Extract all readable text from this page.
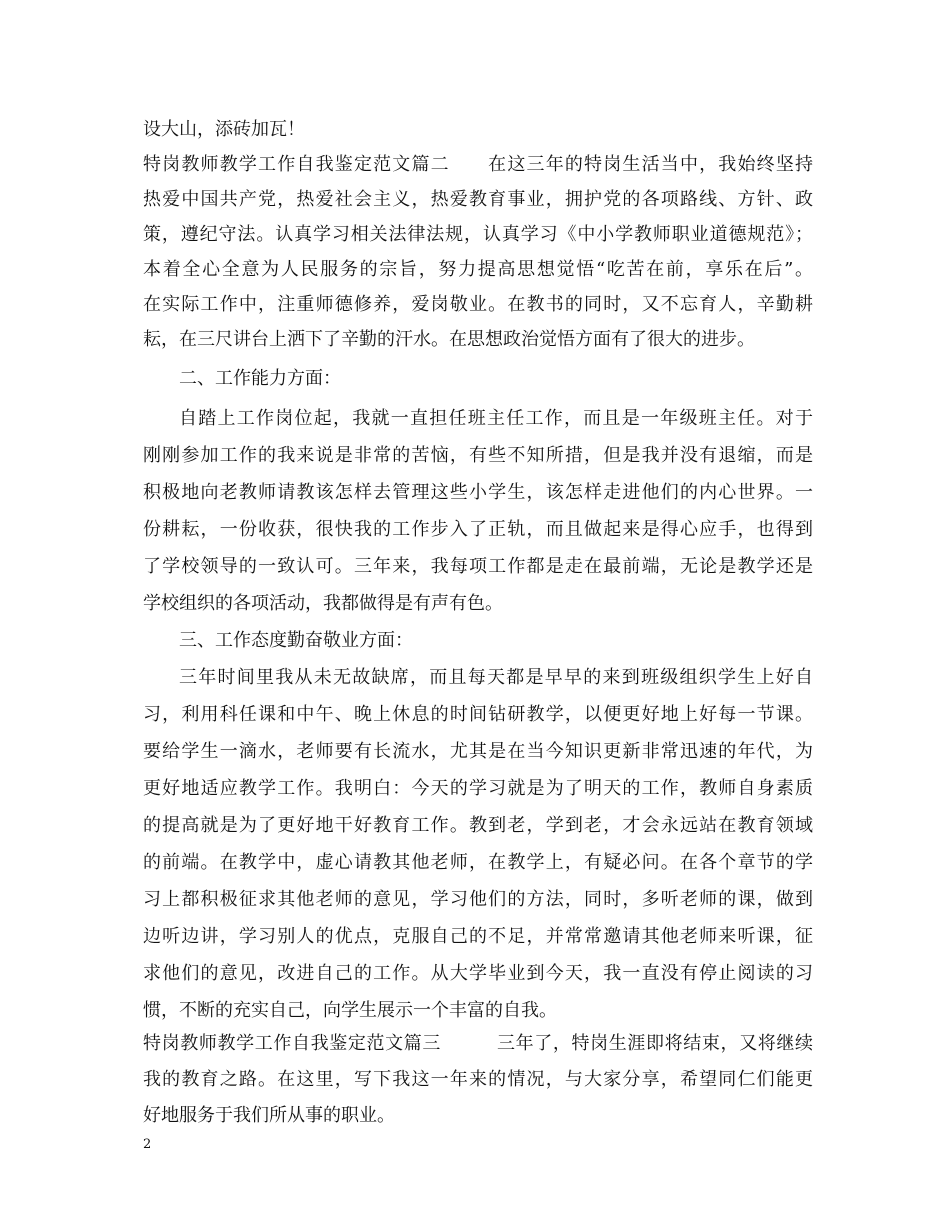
设大山，添砖加瓦！
特岗教师教学工作自我鉴定范文篇二　　在这三年的特岗生活当中，我始终坚持
热爱中国共产党，热爱社会主义，热爱教育事业，拥护党的各项路线、方针、政
策，遵纪守法。认真学习相关法律法规，认真学习《中小学教师职业道德规范》；
本着全心全意为人民服务的宗旨，努力提高思想觉悟“吃苦在前，享乐在后”。
在实际工作中，注重师德修养，爱岗敬业。在教书的同时，又不忘育人，辛勤耕
耘，在三尺讲台上洒下了辛勤的汗水。在思想政治觉悟方面有了很大的进步。
二、工作能力方面：
自踏上工作岗位起，我就一直担任班主任工作，而且是一年级班主任。对于
刚刚参加工作的我来说是非常的苦恼，有些不知所措，但是我并没有退缩，而是
积极地向老教师请教该怎样去管理这些小学生，该怎样走进他们的内心世界。一
份耕耘，一份收获，很快我的工作步入了正轨，而且做起来是得心应手，也得到
了学校领导的一致认可。三年来，我每项工作都是走在最前端，无论是教学还是
学校组织的各项活动，我都做得是有声有色。
三、工作态度勤奋敬业方面：
三年时间里我从未无故缺席，而且每天都是早早的来到班级组织学生上好自
习，利用科任课和中午、晚上休息的时间钻研教学，以便更好地上好每一节课。
要给学生一滴水，老师要有长流水，尤其是在当今知识更新非常迅速的年代，为
更好地适应教学工作。我明白：今天的学习就是为了明天的工作，教师自身素质
的提高就是为了更好地干好教育工作。教到老，学到老，才会永远站在教育领域
的前端。在教学中，虚心请教其他老师，在教学上，有疑必问。在各个章节的学
习上都积极征求其他老师的意见，学习他们的方法，同时，多听老师的课，做到
边听边讲，学习别人的优点，克服自己的不足，并常常邀请其他老师来听课，征
求他们的意见，改进自己的工作。从大学毕业到今天，我一直没有停止阅读的习
惯，不断的充实自己，向学生展示一个丰富的自我。
特岗教师教学工作自我鉴定范文篇三　　　三年了，特岗生涯即将结束，又将继续
我的教育之路。在这里，写下我这一年来的情况，与大家分享，希望同仁们能更
好地服务于我们所从事的职业。
2
